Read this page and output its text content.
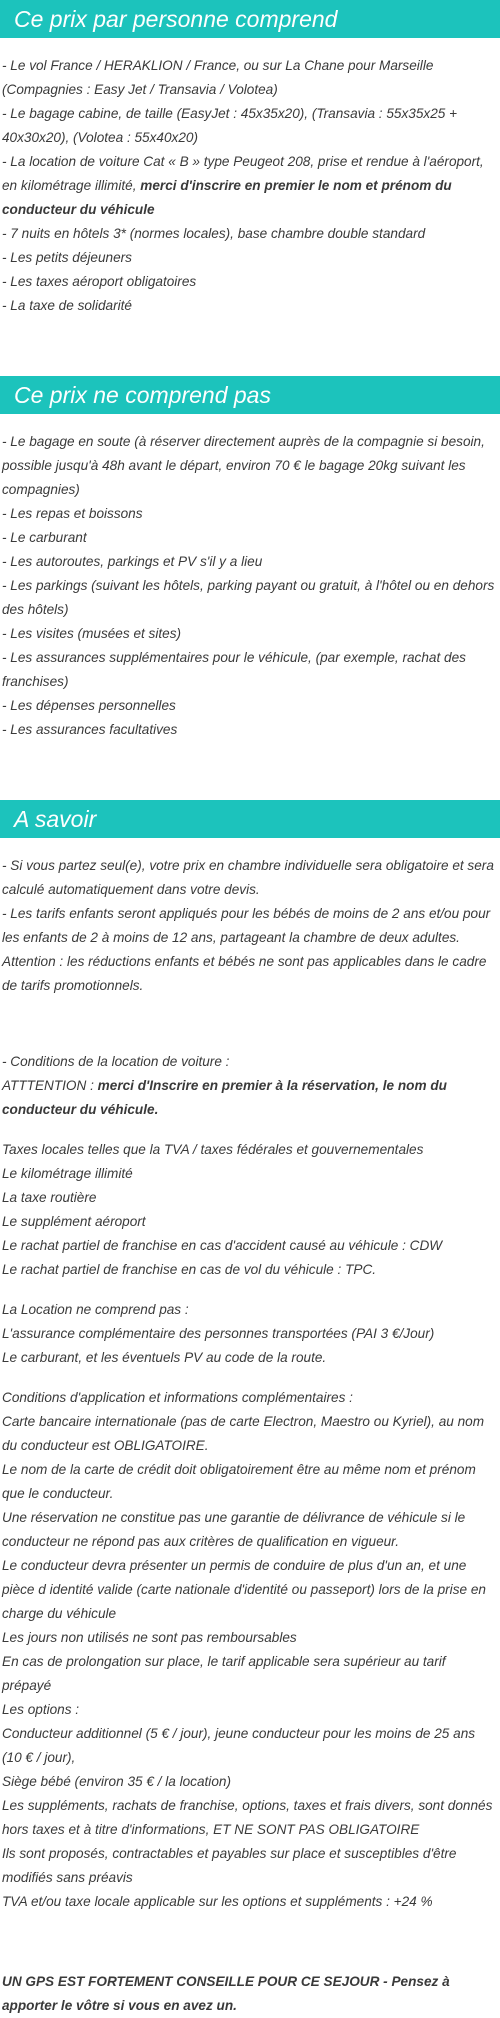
Ce prix par personne comprend
- Le vol France / HERAKLION / France, ou sur La Chane pour Marseille (Compagnies : Easy Jet / Transavia / Volotea)
- Le bagage cabine, de taille (EasyJet : 45x35x20), (Transavia : 55x35x25 + 40x30x20), (Volotea : 55x40x20)
- La location de voiture Cat « B » type Peugeot 208, prise et rendue à l'aéroport, en kilométrage illimité, merci d'inscrire en premier le nom et prénom du conducteur du véhicule
- 7 nuits en hôtels 3* (normes locales), base chambre double standard
- Les petits déjeuners
- Les taxes aéroport obligatoires
- La taxe de solidarité
Ce prix ne comprend pas
- Le bagage en soute (à réserver directement auprès de la compagnie si besoin, possible jusqu'à 48h avant le départ, environ 70 € le bagage 20kg suivant les compagnies)
- Les repas et boissons
- Le carburant
- Les autoroutes, parkings et PV s'il y a lieu
- Les parkings (suivant les hôtels, parking payant ou gratuit, à l'hôtel ou en dehors des hôtels)
- Les visites (musées et sites)
- Les assurances supplémentaires pour le véhicule, (par exemple, rachat des franchises)
- Les dépenses personnelles
- Les assurances facultatives
A savoir
- Si vous partez seul(e), votre prix en chambre individuelle sera obligatoire et sera calculé automatiquement dans votre devis.
- Les tarifs enfants seront appliqués pour les bébés de moins de 2 ans et/ou pour les enfants de 2 à moins de 12 ans, partageant la chambre de deux adultes.
Attention : les réductions enfants et bébés ne sont pas applicables dans le cadre de tarifs promotionnels.
- Conditions de la location de voiture :
ATTTENTION : merci d'Inscrire en premier à la réservation, le nom du conducteur du véhicule.
Taxes locales telles que la TVA / taxes fédérales et gouvernementales
Le kilométrage illimité
La taxe routière
Le supplément aéroport
Le rachat partiel de franchise en cas d'accident causé au véhicule : CDW
Le rachat partiel de franchise en cas de vol du véhicule : TPC.
La Location ne comprend pas :
L'assurance complémentaire des personnes transportées (PAI 3 €/Jour)
Le carburant, et les éventuels PV au code de la route.
Conditions d'application et informations complémentaires :
Carte bancaire internationale (pas de carte Electron, Maestro ou Kyriel), au nom du conducteur est OBLIGATOIRE.
Le nom de la carte de crédit doit obligatoirement être au même nom et prénom que le conducteur.
Une réservation ne constitue pas une garantie de délivrance de véhicule si le conducteur ne répond pas aux critères de qualification en vigueur.
Le conducteur devra présenter un permis de conduire de plus d'un an, et une pièce d identité valide (carte nationale d'identité ou passeport) lors de la prise en charge du véhicule
Les jours non utilisés ne sont pas remboursables
En cas de prolongation sur place, le tarif applicable sera supérieur au tarif prépayé
Les options :
Conducteur additionnel (5 € / jour), jeune conducteur pour les moins de 25 ans (10 € / jour),
Siège bébé (environ 35 € / la location)
Les suppléments, rachats de franchise, options, taxes et frais divers, sont donnés hors taxes et à titre d'informations, ET NE SONT PAS OBLIGATOIRE
Ils sont proposés, contractables et payables sur place et susceptibles d'être modifiés sans préavis
TVA et/ou taxe locale applicable sur les options et suppléments : +24 %
UN GPS EST FORTEMENT CONSEILLE POUR CE SEJOUR - Pensez à apporter le vôtre si vous en avez un.
